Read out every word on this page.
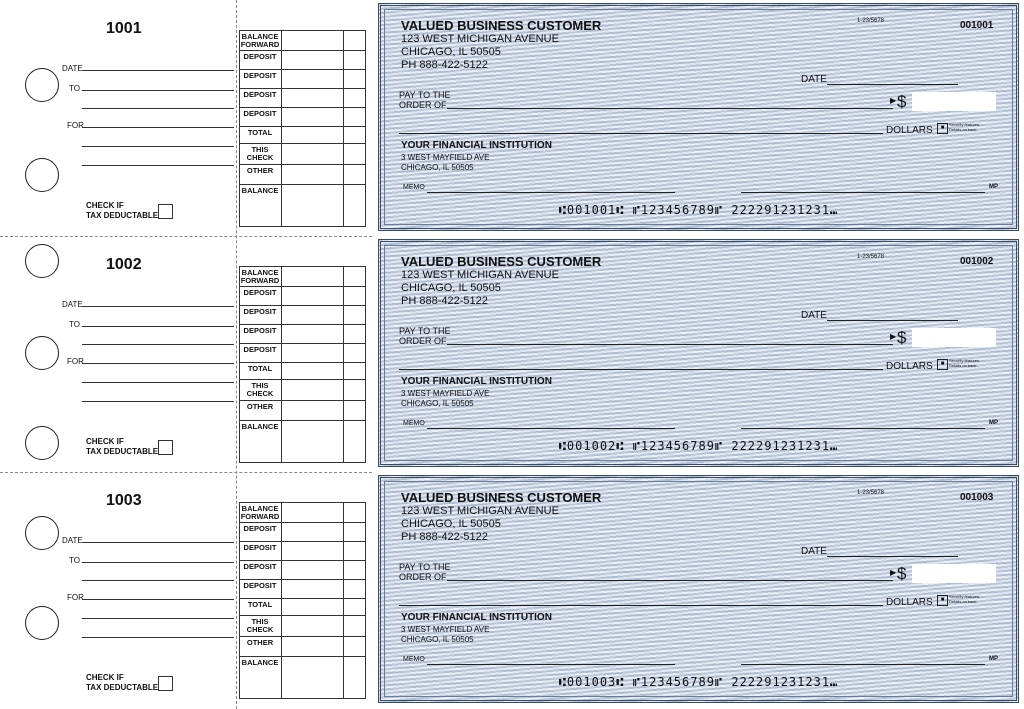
1001
DATE
TO
FOR
CHECK IF
TAX DEDUCTABLE
BALANCE
FORWARD
DEPOSIT
DEPOSIT
DEPOSIT
DEPOSIT
TOTAL
THIS
CHECK
OTHER
BALANCE
VALUED BUSINESS CUSTOMER
123 WEST MICHIGAN AVENUE
CHICAGO, IL 50505
PH 888-422-5122
1-23/5678	001001
DATE
PAY TO THE
ORDER OF	▶ $
DOLLARS	■
Security features. Details on back.
YOUR FINANCIAL INSTITUTION
3 WEST MAYFIELD AVE
CHICAGO, IL 50505
MEMO	MP
⑆001001⑆ ⑈123456789⑈ 222291231231⑉
1002
DATE
TO
FOR
CHECK IF
TAX DEDUCTABLE
BALANCE
FORWARD
DEPOSIT
DEPOSIT
DEPOSIT
DEPOSIT
TOTAL
THIS
CHECK
OTHER
BALANCE
VALUED BUSINESS CUSTOMER
123 WEST MICHIGAN AVENUE
CHICAGO, IL 50505
PH 888-422-5122
1-23/5678	001002
DATE
PAY TO THE
ORDER OF	▶ $
DOLLARS	■
Security features. Details on back.
YOUR FINANCIAL INSTITUTION
3 WEST MAYFIELD AVE
CHICAGO, IL 50505
MEMO	MP
⑆001002⑆ ⑈123456789⑈ 222291231231⑉
1003
DATE
TO
FOR
CHECK IF
TAX DEDUCTABLE
BALANCE
FORWARD
DEPOSIT
DEPOSIT
DEPOSIT
DEPOSIT
TOTAL
THIS
CHECK
OTHER
BALANCE
VALUED BUSINESS CUSTOMER
123 WEST MICHIGAN AVENUE
CHICAGO, IL 50505
PH 888-422-5122
1-23/5678	001003
DATE
PAY TO THE
ORDER OF	▶ $
DOLLARS	■
Security features. Details on back.
YOUR FINANCIAL INSTITUTION
3 WEST MAYFIELD AVE
CHICAGO, IL 50505
MEMO	MP
⑆001003⑆ ⑈123456789⑈ 222291231231⑉
